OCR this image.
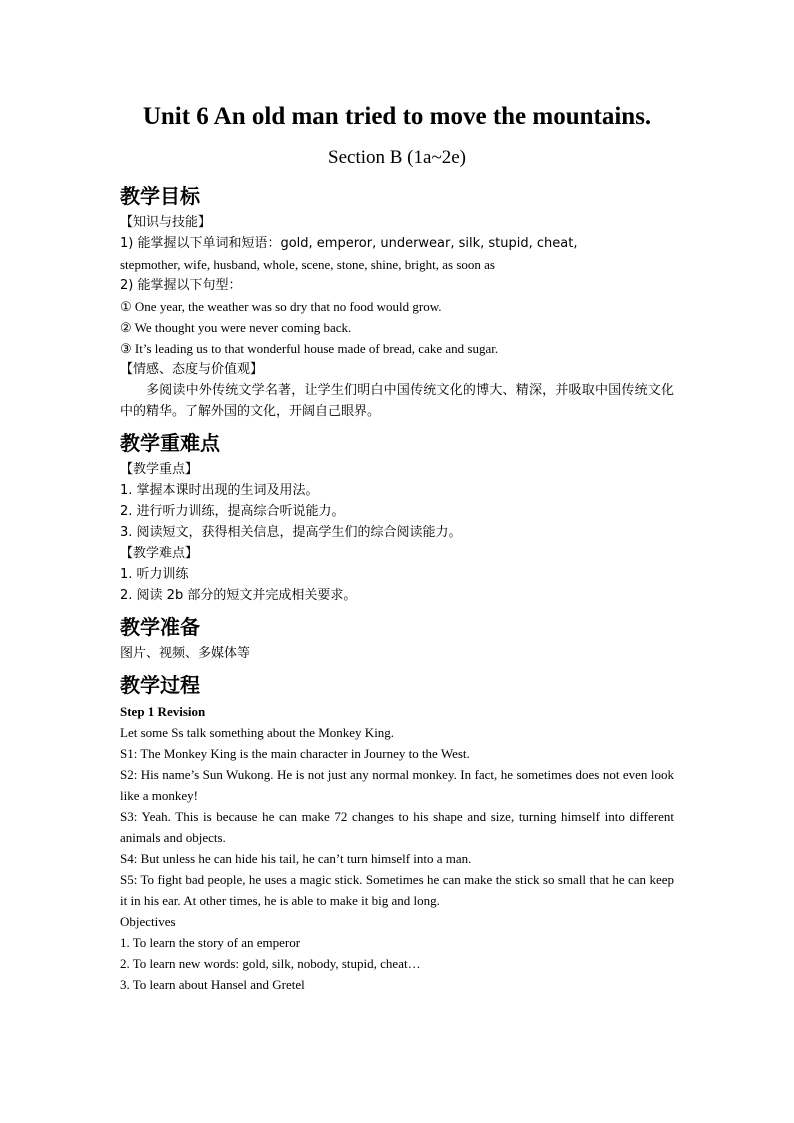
Unit 6 An old man tried to move the mountains.
Section B (1a~2e)
教学目标
【知识与技能】
1) 能掌握以下单词和短语：gold, emperor, underwear, silk, stupid, cheat,
stepmother, wife, husband, whole, scene, stone, shine, bright, as soon as
2) 能掌握以下句型：
① One year, the weather was so dry that no food would grow.
② We thought you were never coming back.
③ It’s leading us to that wonderful house made of bread, cake and sugar.
【情感、态度与价值观】
多阅读中外传统文学名著，让学生们明白中国传统文化的博大、精深，并吸取中国传统文化中的精华。了解外国的文化，开阔自己眼界。
教学重难点
【教学重点】
1. 掌握本课时出现的生词及用法。
2. 进行听力训练，提高综合听说能力。
3. 阅读短文，获得相关信息，提高学生们的综合阅读能力。
【教学难点】
1. 听力训练
2. 阅读 2b 部分的短文并完成相关要求。
教学准备
图片、视频、多媒体等
教学过程
Step 1 Revision
Let some Ss talk something about the Monkey King.
S1: The Monkey King is the main character in Journey to the West.
S2: His name’s Sun Wukong. He is not just any normal monkey. In fact, he sometimes does not even look like a monkey!
S3: Yeah. This is because he can make 72 changes to his shape and size, turning himself into different animals and objects.
S4: But unless he can hide his tail, he can’t turn himself into a man.
S5: To fight bad people, he uses a magic stick. Sometimes he can make the stick so small that he can keep it in his ear. At other times, he is able to make it big and long.
Objectives
1. To learn the story of an emperor
2. To learn new words: gold, silk, nobody, stupid, cheat…
3. To learn about Hansel and Gretel
